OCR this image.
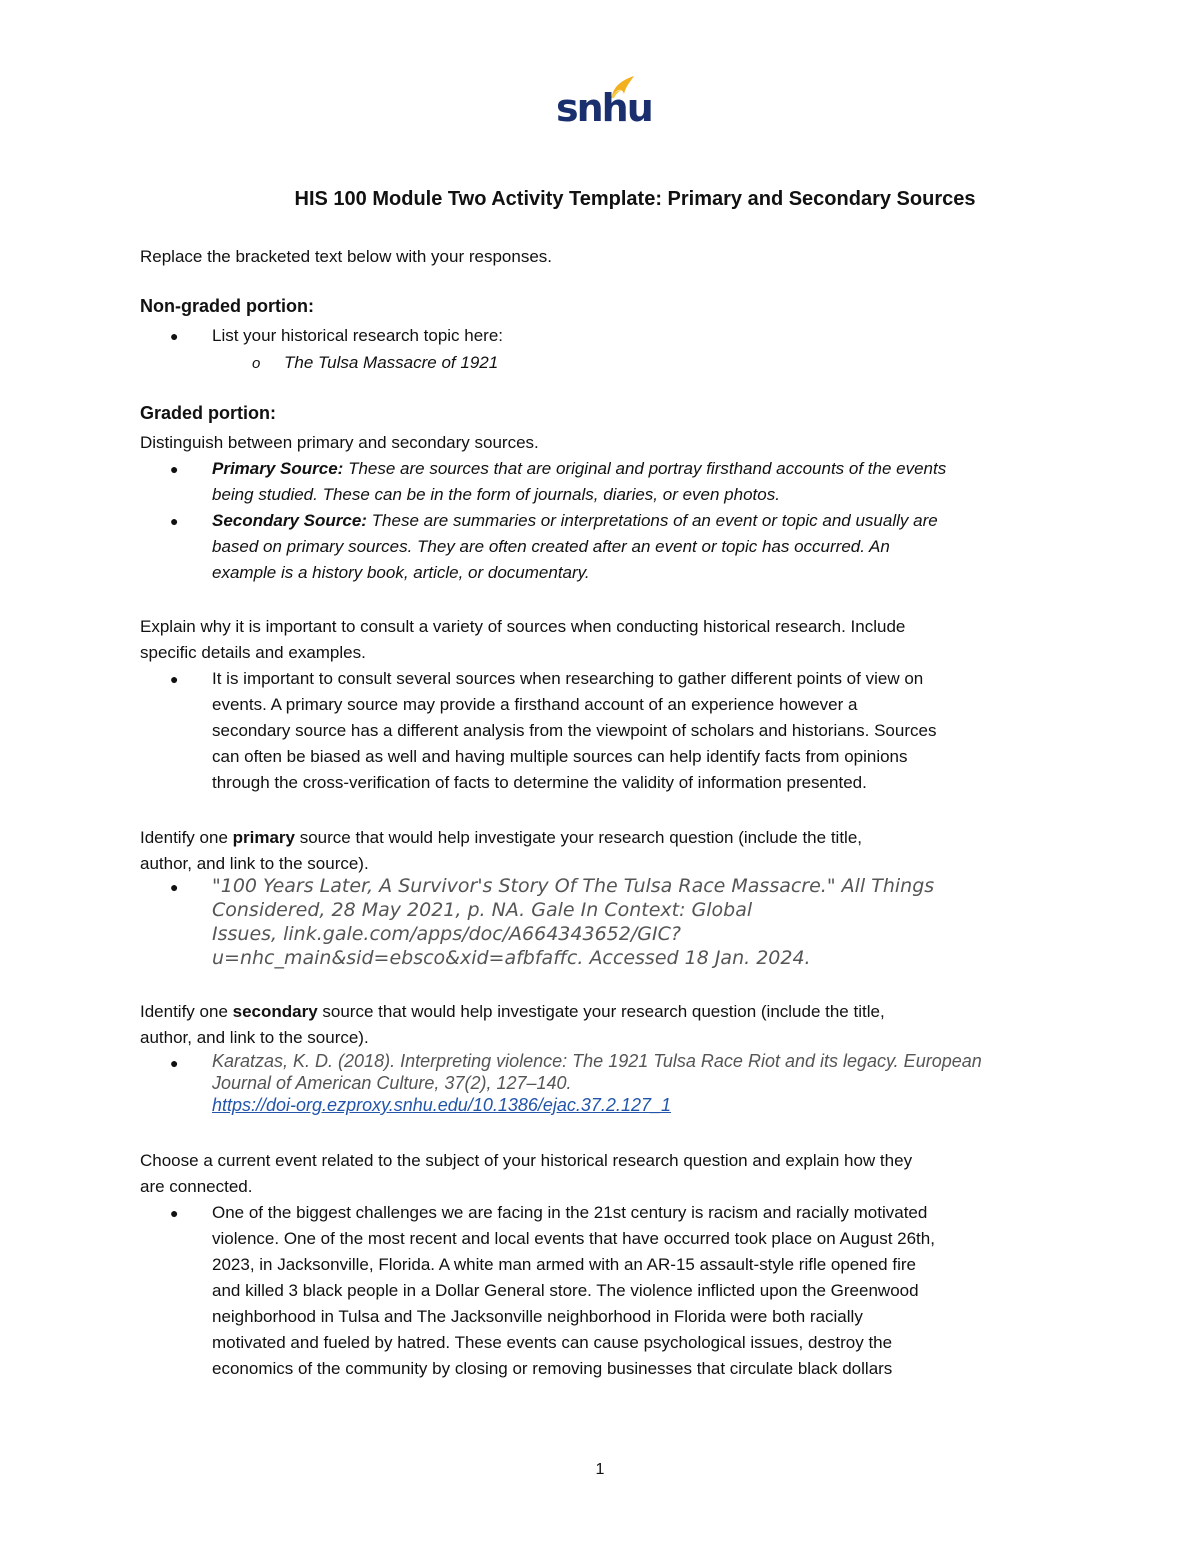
snhu
HIS 100 Module Two Activity Template: Primary and Secondary Sources
Replace the bracketed text below with your responses.
Non-graded portion:
●	List your historical research topic here:
o The Tulsa Massacre of 1921
Graded portion:
Distinguish between primary and secondary sources.
●	Primary Source: These are sources that are original and portray firsthand accounts of the events
being studied. These can be in the form of journals, diaries, or even photos.
●	Secondary Source: These are summaries or interpretations of an event or topic and usually are
based on primary sources. They are often created after an event or topic has occurred. An
example is a history book, article, or documentary.
Explain why it is important to consult a variety of sources when conducting historical research. Include
specific details and examples.
●	It is important to consult several sources when researching to gather different points of view on
events. A primary source may provide a firsthand account of an experience however a
secondary source has a different analysis from the viewpoint of scholars and historians. Sources
can often be biased as well and having multiple sources can help identify facts from opinions
through the cross-verification of facts to determine the validity of information presented.
Identify one primary source that would help investigate your research question (include the title,
author, and link to the source).
●	"100 Years Later, A Survivor's Story Of The Tulsa Race Massacre." All Things
Considered, 28 May 2021, p. NA. Gale In Context: Global
Issues, link.gale.com/apps/doc/A664343652/GIC?
u=nhc_main&sid=ebsco&xid=afbfaffc. Accessed 18 Jan. 2024.
Identify one secondary source that would help investigate your research question (include the title,
author, and link to the source).
●	Karatzas, K. D. (2018). Interpreting violence: The 1921 Tulsa Race Riot and its legacy. European
Journal of American Culture, 37(2), 127–140.
https://doi-org.ezproxy.snhu.edu/10.1386/ejac.37.2.127_1
Choose a current event related to the subject of your historical research question and explain how they
are connected.
●	One of the biggest challenges we are facing in the 21st century is racism and racially motivated
violence. One of the most recent and local events that have occurred took place on August 26th,
2023, in Jacksonville, Florida. A white man armed with an AR-15 assault-style rifle opened fire
and killed 3 black people in a Dollar General store. The violence inflicted upon the Greenwood
neighborhood in Tulsa and The Jacksonville neighborhood in Florida were both racially
motivated and fueled by hatred. These events can cause psychological issues, destroy the
economics of the community by closing or removing businesses that circulate black dollars
1
